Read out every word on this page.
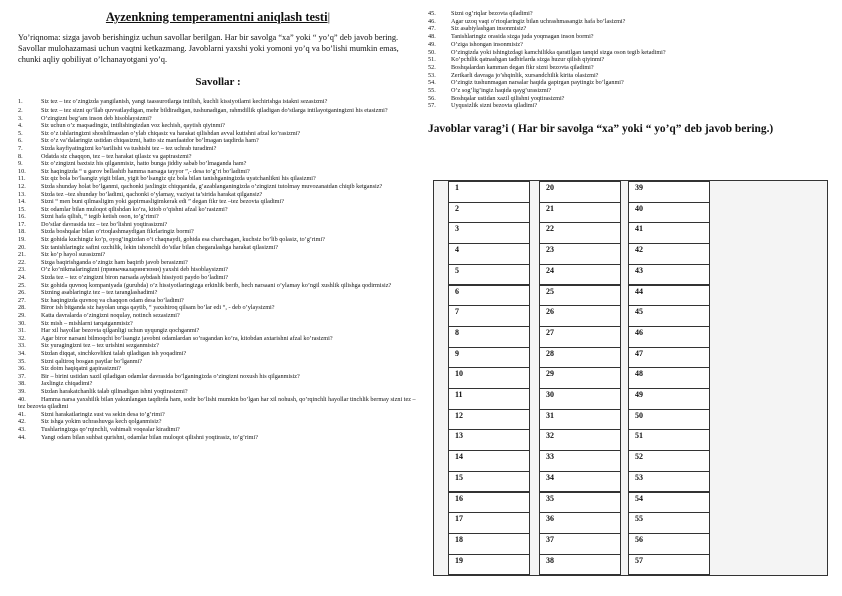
Ayzenkning temperamentni aniqlash testi|

Yo’riqnoma: sizga javob berishingiz uchun savollar berilgan. Har bir savolga “xa” yoki “ yo’q” deb javob bering. Savollar mulohazamasi uchun vaqtni ketkazmang. Javoblarni yaxshi yoki yomoni yo’q va bo’lishi mumkin emas, chunki aqliy qobiliyat o’lchanayotgani yo’q.

Savollar :
1.	Siz tez – tez o’zingizda yangilanish, yangi taassurotlarga intilish, kuchli kissiyotlarni kechirishga istakni sezasizmi?
2.	Siz tez – tez sizni qo’llab quvvatlaydigan, mehr bildiradigan, tushunadigan, rahmdillik qiladigan do’stlarga intilayotganingizni his etasizmi?
3.	O’zingizni beg’am inson deb hisoblaysizmi?
4.	Siz uchun o’z maqsadingiz, intilishingizdan voz kechish, qaytish qiyinmi?
5.	Siz o’z ishlaringizni shoshilmasdan o’ylab chiqasiz va harakat qilishdan avval kutishni afzal ko’rasizmi?
6.	Siz o’z va’dalaringiz ustidan chiqasizmi, hatto siz manfaatdor bo’lmagan taqdirda ham?
7.	Sizda kayfiyatingizni ko’tarilishi va tushishi tez – tez uchrab turadimi?
8.	Odatda siz chaqqon, tez – tez harakat qilasiz va gapirasizmi?
9.	Siz o’zingizni baxtsiz his qilganmisiz, hatto bunga jiddiy sabab bo’lmaganda ham?
10. Siz haqingizda “ u garov bellashib hamma narsaga tayyor ”,- desa to’g’ri bo’ladimi?
11. Siz qiz bola bo’lsangiz yigit bilan, yigit bo’lsangiz qiz bola bilan tanishganingizda uyatchanlikni his qilasizmi?
12. Sizda shunday holat bo’lganmi, qachonki jaxlingiz chiqqanida, g’azablanganingizda o’zingizni tutolmay muvozanatdan chiqib ketgansiz?
13. Sizda tez –tez shunday bo’ladimi, qachonki o’ylamay, vaziyat ta’sirida harakat qilgansiz?
14. Sizni “ men buni qilmasligim yoki gapirmasligimkerak edi ” degan fikr tez –tez bezovta qiladimi?
15. Siz odamlar bilan muloqot qilishdan ko’ra, kitob o’qishni afzal ko’rasizmi?
16. Sizni hafa qilish, “ tegib ketish oson, to’g’rimi?
17. Do’stlar davrasida tez – tez bo’lishni yoqtirasizmi?
18. Sizda boshqalar bilan o’rtoqlashmaydigan fikrlaringiz bormi?
19. Siz gohida kuchingiz ko’p, oyog’ingizdan o’t chaqnaydi, gohida esa charchagan, kuchsiz bo’lib qolasiz, to’g’rimi?
20. Siz tanishlaringiz safini ozchilik, lekin ishonchli do’stlar bilan chegaralashga harakat qilasizmi?
21. Siz ko’p hayol surasizmi?
22. Sizga baqirishganda o’zingiz ham baqirib javob berasizmi?
23. O’z ko’nikmalaringizni (привычкаларингизни) yaxshi deb hisoblaysizmi?
24. Sizda tez – tez o’zingizni biron narsada aybdash hissiyoti paydo bo’ladimi?
25. Siz gohida quvnoq kompaniyada (guruhda) o’z hissiyotlaringizga erkinlik berib, hech narsaani o’ylamay ko’ngil xushlik qilishga qodirmisiz?
26. Sizning asablaringiz tez – tez taranglashadimi?
27. Siz haqingizda quvnoq va chaqqon odam desa bo’ladimi?
28. Biror ish bitganda siz hayolan unga qaytib, “ yaxshiroq qilsam bo’lar edi “, - deb o’ylaysizmi?
29. Katta davralarda o’zingizni noqulay, notinch sezasizmi?
30. Siz mish – mishlarni tarqatganmisiz?
31. Har xil hayollar bezovta qilganligi uchun uyqungiz qochganmi?
32. Agar biror narsani bilmoqchi bo’lsangiz javobni odamlardan so’ragandan ko’ra, kitobdan axtarishni afzal ko’rasizmi?
33. Siz yuragingizni tez – tez urishini sezganmisiz?
34. Sizdan diqqat, sinchkovlikni talab qiladigan ish yoqadimi?
35. Sizni qaltiroq bosgan paytlar bo’lganmi?
36. Siz doim haqiqatni gapirasizmi?
37. Bir – birini ustidan xazil qiladigan odamlar davrasida bo’lganingizda o’zingizni noxush his qilganmisiz?
38. Jaxlingiz chiqadimi?
39. Sizdan harakatchanlik talab qilinadigan ishni yoqtirasizmi?
40. Hamma narsa yaxshilik bilan yakunlangan taqdirda ham, sodir bo’lishi mumkin bo’lgan har xil nohush, qo’rqinchli hayollar tinchlik bermay sizni tez – tez bezovta qiladimi
41. Sizni harakatlaringiz sust va sekin desa to’g’rimi?
42. Siz ishga yokim uchrashuvga kech qolganmisiz?
43. Tushlaringizga qo’rqinchli, vahimali voqealar kiradimi?
44. Yangi odam bilan suhbat qurishni, odamlar bilan muloqot qilishni yoqtirasiz, to’g’rimi?
45. Sizni og’riqlar bezovta qiladimi?
46. Agar uzoq vaqt o’rtoqlaringiz bilan uchrashmasangiz hafa bo’lasizmi?
47. Siz asabiylashgan insonmisiz?
48. Tanishlaringiz orasida sizga juda yoqmagan inson bormi?
49. O’ziga ishongan insonmisiz?
50. O’zingizda yoki ishingizdagi kamchilikka qaratilgan tanqid sizga oson tegib ketadimi?
51. Ko’pchilik qatnashgan tadbirlarda sizga huzur qilish qiyinmi?
52. Boshqalardan kamman degan fikr sizni bezovta qiladimi?
53. Zerikarli davraga jo’shqinlik, xursandchilik kirita olasizmi?
54. O’zingiz tushunmagan narsalar haqida gapirgan paytingiz bo’lganmi?
55. O’z sog’lig’ingiz haqida qayg’urasizmi?
56. Boshqalar ustidan xazil qilishni yoqtirasizmi?
57. Uyqusizlik sizni bezovta qiladimi?
Javoblar varag’i ( Har bir savolga “xa” yoki “ yo’q” deb javob bering.)
1	20	39
2	21	40
3	22	41
4	23	42
5	24	43
6	25	44
7	26	45
8	27	46
9	28	47
10	29	48
11	30	49
12	31	50
13	32	51
14	33	52
15	34	53
16	35	54
17	36	55
18	37	56
19	38	57
